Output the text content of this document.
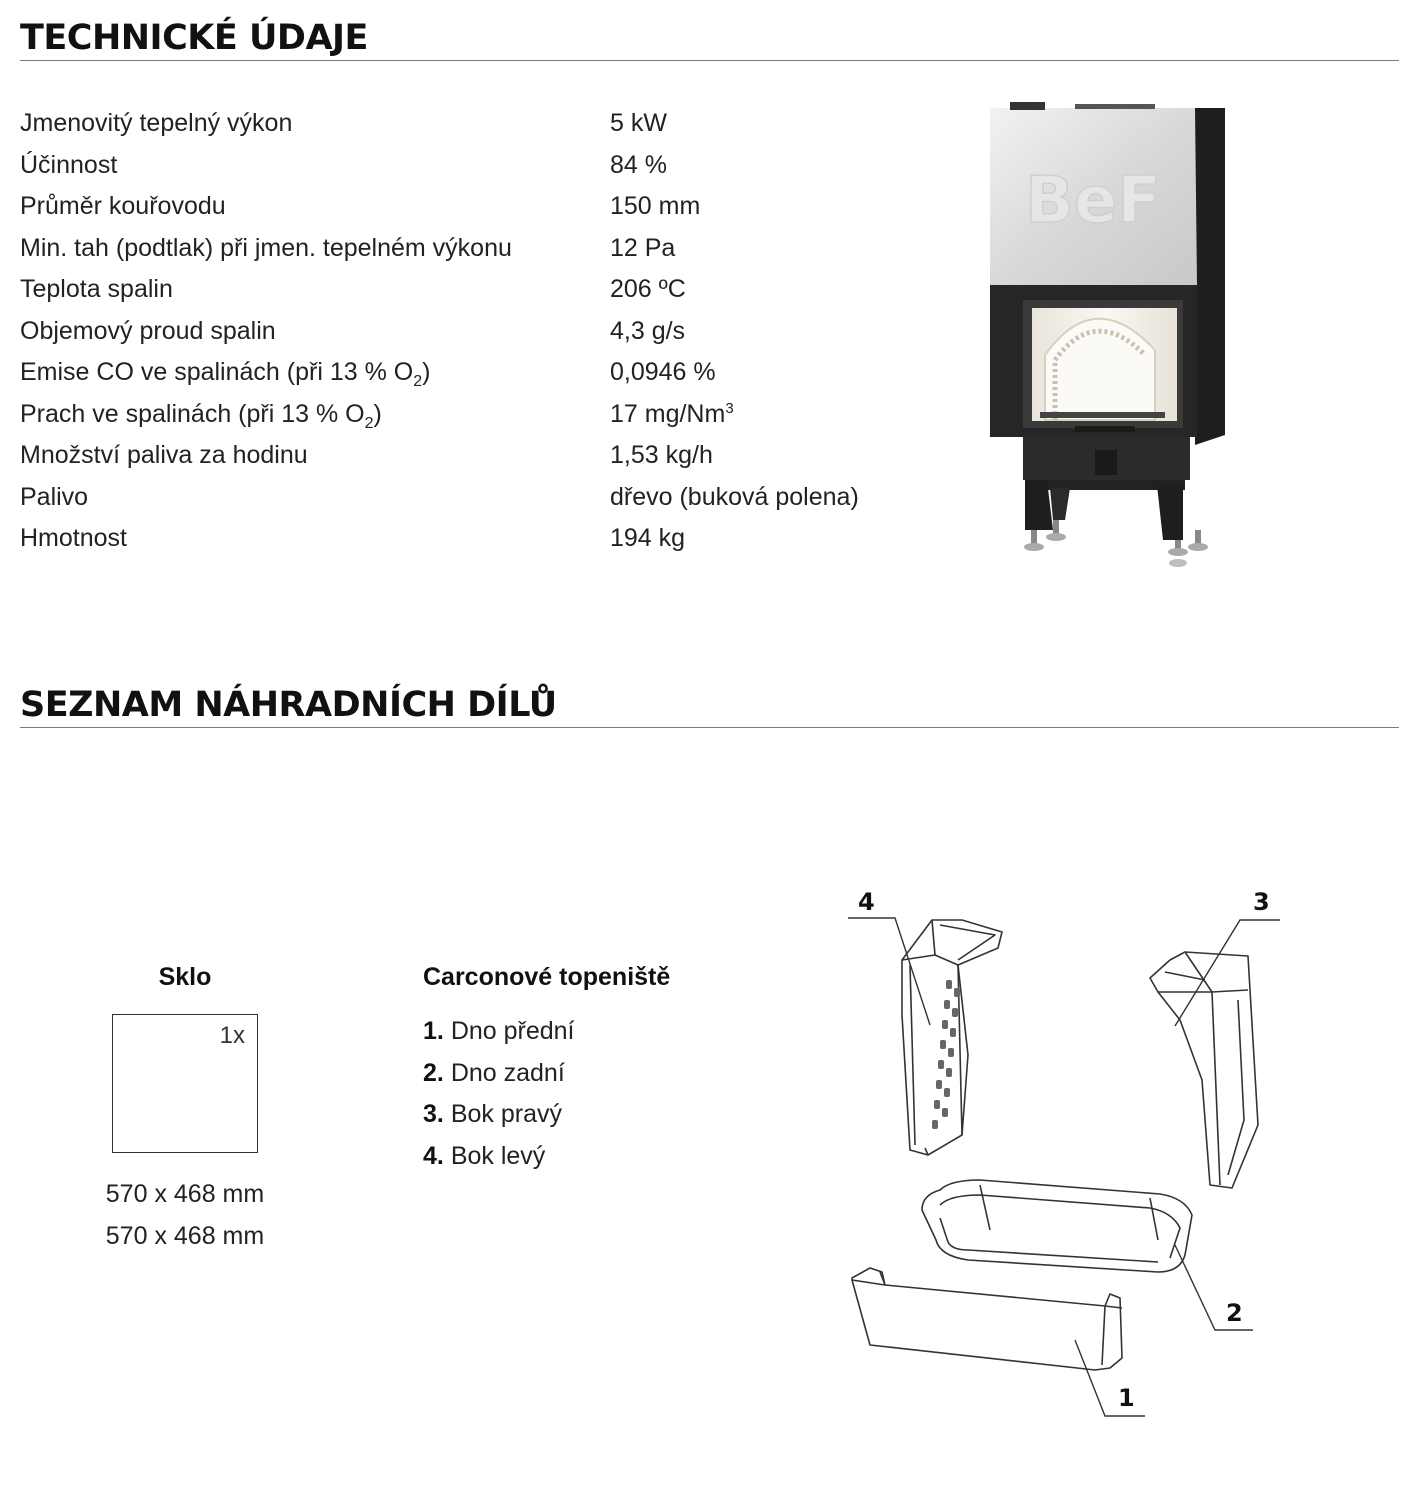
TECHNICKÉ ÚDAJE
Jmenovitý tepelný výkon	5 kW
Účinnost	84 %
Průměr kouřovodu	150 mm
Min. tah (podtlak) při jmen. tepelném výkonu	12 Pa
Teplota spalin	206 ºC
Objemový proud spalin	4,3 g/s
Emise CO ve spalinách (při 13 % $O_2$)	0,0946 %
Prach ve spalinách (při 13 % $O_2$)	17 mg/Nm$^3$
Množství paliva za hodinu	1,53 kg/h
Palivo	dřevo (buková polena)
Hmotnost	194 kg
BeF
SEZNAM NÁHRADNÍCH DÍLŮ
Sklo
1x
570 x 468 mm
570 x 468 mm
Carconové topeniště
1. Dno přední
2. Dno zadní
3. Bok pravý
4. Bok levý
4	3
2
1
